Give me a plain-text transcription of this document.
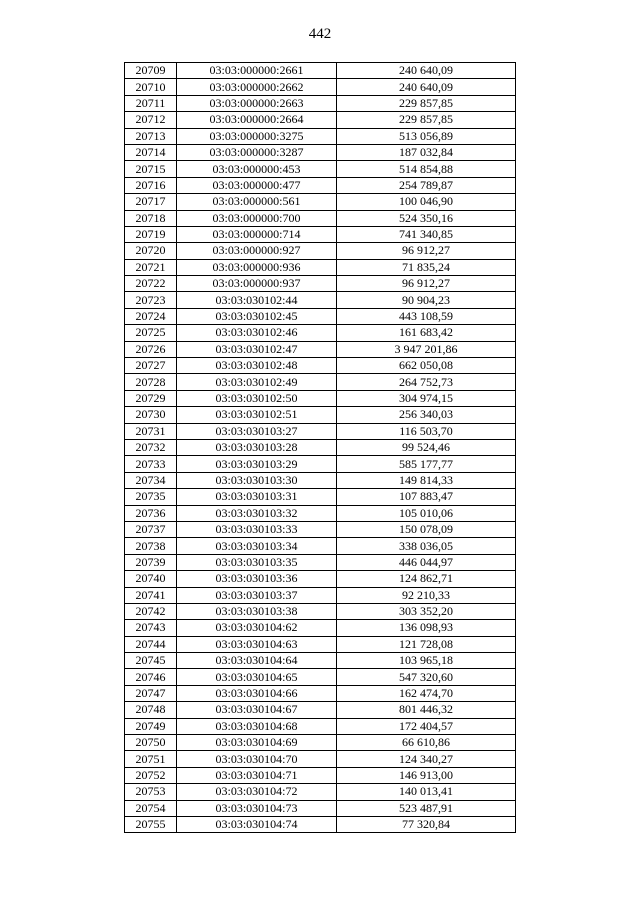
442
20709	03:03:000000:2661	240 640,09
20710	03:03:000000:2662	240 640,09
20711	03:03:000000:2663	229 857,85
20712	03:03:000000:2664	229 857,85
20713	03:03:000000:3275	513 056,89
20714	03:03:000000:3287	187 032,84
20715	03:03:000000:453	514 854,88
20716	03:03:000000:477	254 789,87
20717	03:03:000000:561	100 046,90
20718	03:03:000000:700	524 350,16
20719	03:03:000000:714	741 340,85
20720	03:03:000000:927	96 912,27
20721	03:03:000000:936	71 835,24
20722	03:03:000000:937	96 912,27
20723	03:03:030102:44	90 904,23
20724	03:03:030102:45	443 108,59
20725	03:03:030102:46	161 683,42
20726	03:03:030102:47	3 947 201,86
20727	03:03:030102:48	662 050,08
20728	03:03:030102:49	264 752,73
20729	03:03:030102:50	304 974,15
20730	03:03:030102:51	256 340,03
20731	03:03:030103:27	116 503,70
20732	03:03:030103:28	99 524,46
20733	03:03:030103:29	585 177,77
20734	03:03:030103:30	149 814,33
20735	03:03:030103:31	107 883,47
20736	03:03:030103:32	105 010,06
20737	03:03:030103:33	150 078,09
20738	03:03:030103:34	338 036,05
20739	03:03:030103:35	446 044,97
20740	03:03:030103:36	124 862,71
20741	03:03:030103:37	92 210,33
20742	03:03:030103:38	303 352,20
20743	03:03:030104:62	136 098,93
20744	03:03:030104:63	121 728,08
20745	03:03:030104:64	103 965,18
20746	03:03:030104:65	547 320,60
20747	03:03:030104:66	162 474,70
20748	03:03:030104:67	801 446,32
20749	03:03:030104:68	172 404,57
20750	03:03:030104:69	66 610,86
20751	03:03:030104:70	124 340,27
20752	03:03:030104:71	146 913,00
20753	03:03:030104:72	140 013,41
20754	03:03:030104:73	523 487,91
20755	03:03:030104:74	77 320,84
